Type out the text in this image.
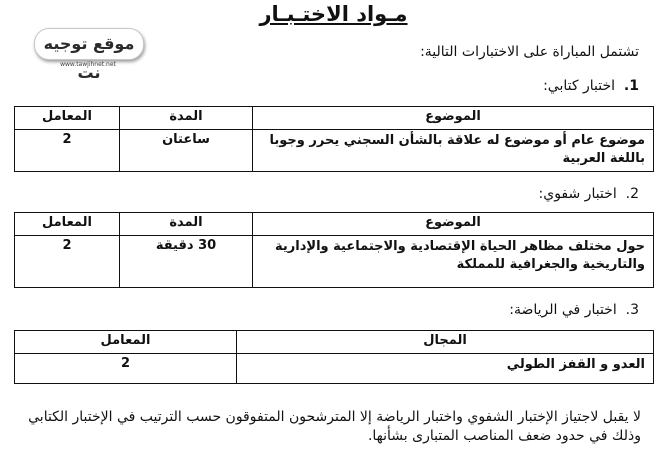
مـواد الاختـبـار
موقع توجيه نت
www.tawjihnet.net
تشتمل المباراة على الاختبارات التالية:
1.  اختبار كتابي:
الموضوع	المدة	المعامل
موضوع عام أو موضوع له علاقة بالشأن السجني يحرر وجوبا باللغة العربية	ساعتان	2
2.  اختبار شفوي:
الموضوع	المدة	المعامل
حول مختلف مظاهر الحياة الإقتصادية والاجتماعية والإدارية والتاريخية والجغرافية للمملكة	30 دقيقة	2
3.  اختبار في الرياضة:
المجال	المعامل
العدو و القفز الطولي	2
لا يقبل لاجتياز الإختبار الشفوي واختبار الرياضة إلا المترشحون المتفوقون حسب الترتيب في الإختبار الكتابي وذلك في حدود ضعف المناصب المتبارى بشأنها.
